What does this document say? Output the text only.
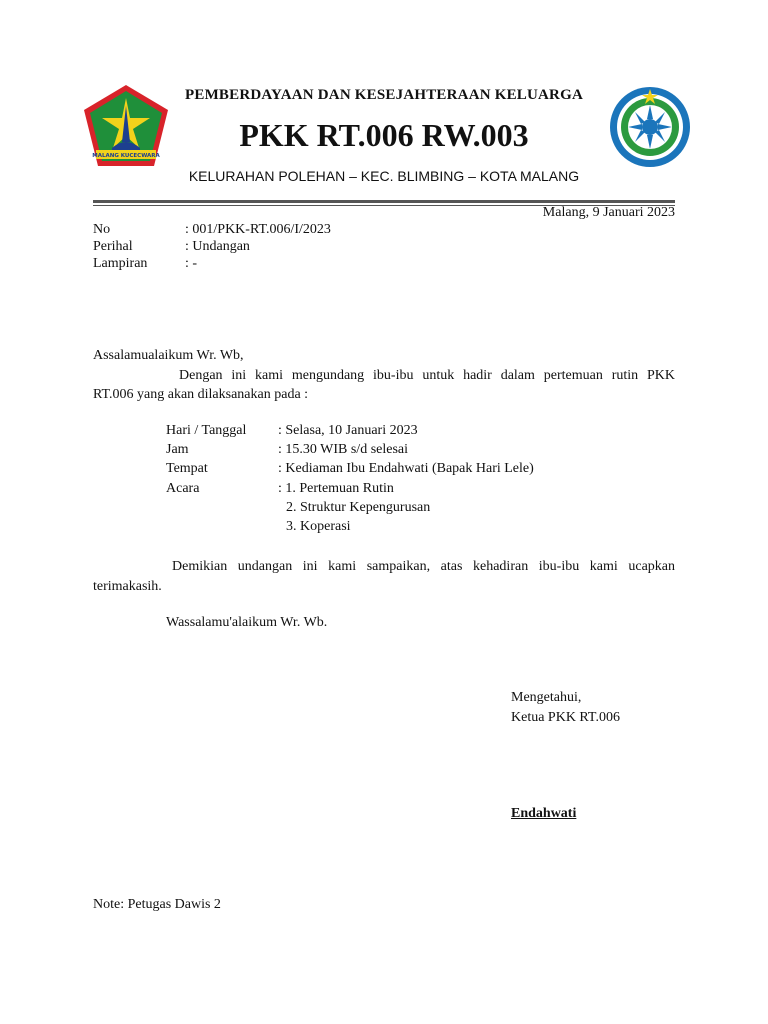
MALANG KUCECWARA
PEMBERDAYAAN DAN KESEJAHTERAAN KELUARGA
PKK RT.006 RW.003
KELURAHAN POLEHAN – KEC. BLIMBING – KOTA MALANG
Malang, 9 Januari 2023
No	: 001/PKK-RT.006/I/2023
Perihal	: Undangan
Lampiran	: -
Assalamualaikum Wr. Wb,
Dengan ini kami mengundang ibu-ibu untuk hadir dalam pertemuan rutin PKK
RT.006 yang akan dilaksanakan pada :
Hari / Tanggal	: Selasa, 10 Januari 2023
Jam	: 15.30 WIB s/d selesai
Tempat	: Kediaman Ibu Endahwati (Bapak Hari Lele)
Acara	: 1. Pertemuan Rutin
2. Struktur Kepengurusan
3. Koperasi
Demikian undangan ini kami sampaikan, atas kehadiran ibu-ibu kami ucapkan
terimakasih.
Wassalamu'alaikum Wr. Wb.
Mengetahui,
Ketua PKK RT.006
Endahwati
Note: Petugas Dawis 2
